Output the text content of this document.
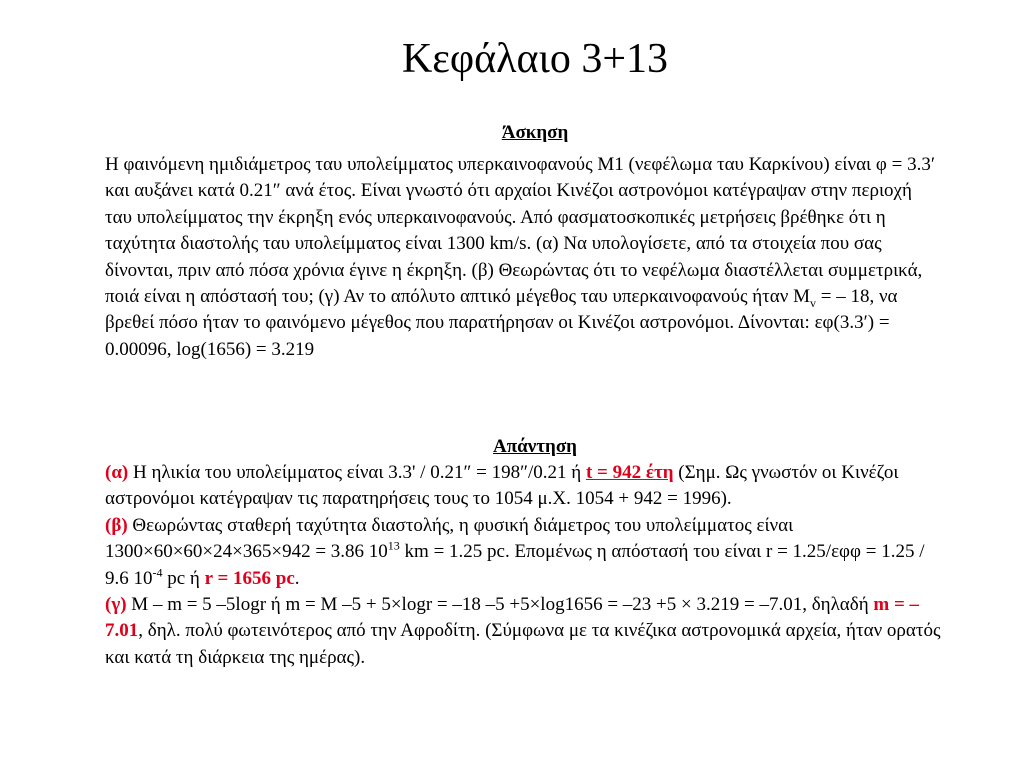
Κεφάλαιο 3+13
Άσκηση

Η φαινόμενη ημιδιάμετρος ταυ υπολείμματος υπερκαινοφανούς Μ1 (νεφέλωμα ταυ Καρκίνου) είναι φ = 3.3′ και αυξάνει κατά 0.21″ ανά έτος. Είναι γνωστό ότι αρχαίοι Κινέζοι αστρονόμοι κατέγραψαν στην περιοχή ταυ υπολείμματος την έκρηξη ενός υπερκαινοφανούς. Από φασματοσκοπικές μετρήσεις βρέθηκε ότι η ταχύτητα διαστολής ταυ υπολείμματος είναι 1300 km/s. (α) Να υπολογίσετε, από τα στοιχεία που σας δίνονται, πριν από πόσα χρόνια έγινε η έκρηξη. (β) Θεωρώντας ότι το νεφέλωμα διαστέλλεται συμμετρικά, ποιά είναι η απόστασή του; (γ) Αν το απόλυτο απτικό μέγεθος ταυ υπερκαινοφανούς ήταν $M_v$ = – 18, να βρεθεί πόσο ήταν το φαινόμενο μέγεθος που παρατήρησαν οι Κινέζοι αστρονόμοι. Δίνονται: εφ(3.3′) = 0.00096, log(1656) = 3.219

Απάντηση

(α) Η ηλικία του υπολείμματος είναι 3.3' / 0.21″ = 198″/0.21 ή t = 942 έτη (Σημ. Ως γνωστόν οι Κινέζοι αστρονόμοι κατέγραψαν τις παρατηρήσεις τους το 1054 μ.Χ. 1054 + 942 = 1996).

(β) Θεωρώντας σταθερή ταχύτητα διαστολής, η φυσική διάμετρος του υπολείμματος είναι 1300×60×60×24×365×942 = 3.86 $10^{13}$ km = 1.25 pc. Επομένως η απόστασή του είναι r = 1.25/εφφ = 1.25 / 9.6 $10^{-4}$ pc ή r = 1656 pc.

(γ) M – m = 5 –5logr ή m = M –5 + 5×logr = –18 –5 +5×log1656 = –23 +5 × 3.219 = –7.01, δηλαδή m = –7.01, δηλ. πολύ φωτεινότερος από την Αφροδίτη. (Σύμφωνα με τα κινέζικα αστρονομικά αρχεία, ήταν ορατός και κατά τη διάρκεια της ημέρας).
